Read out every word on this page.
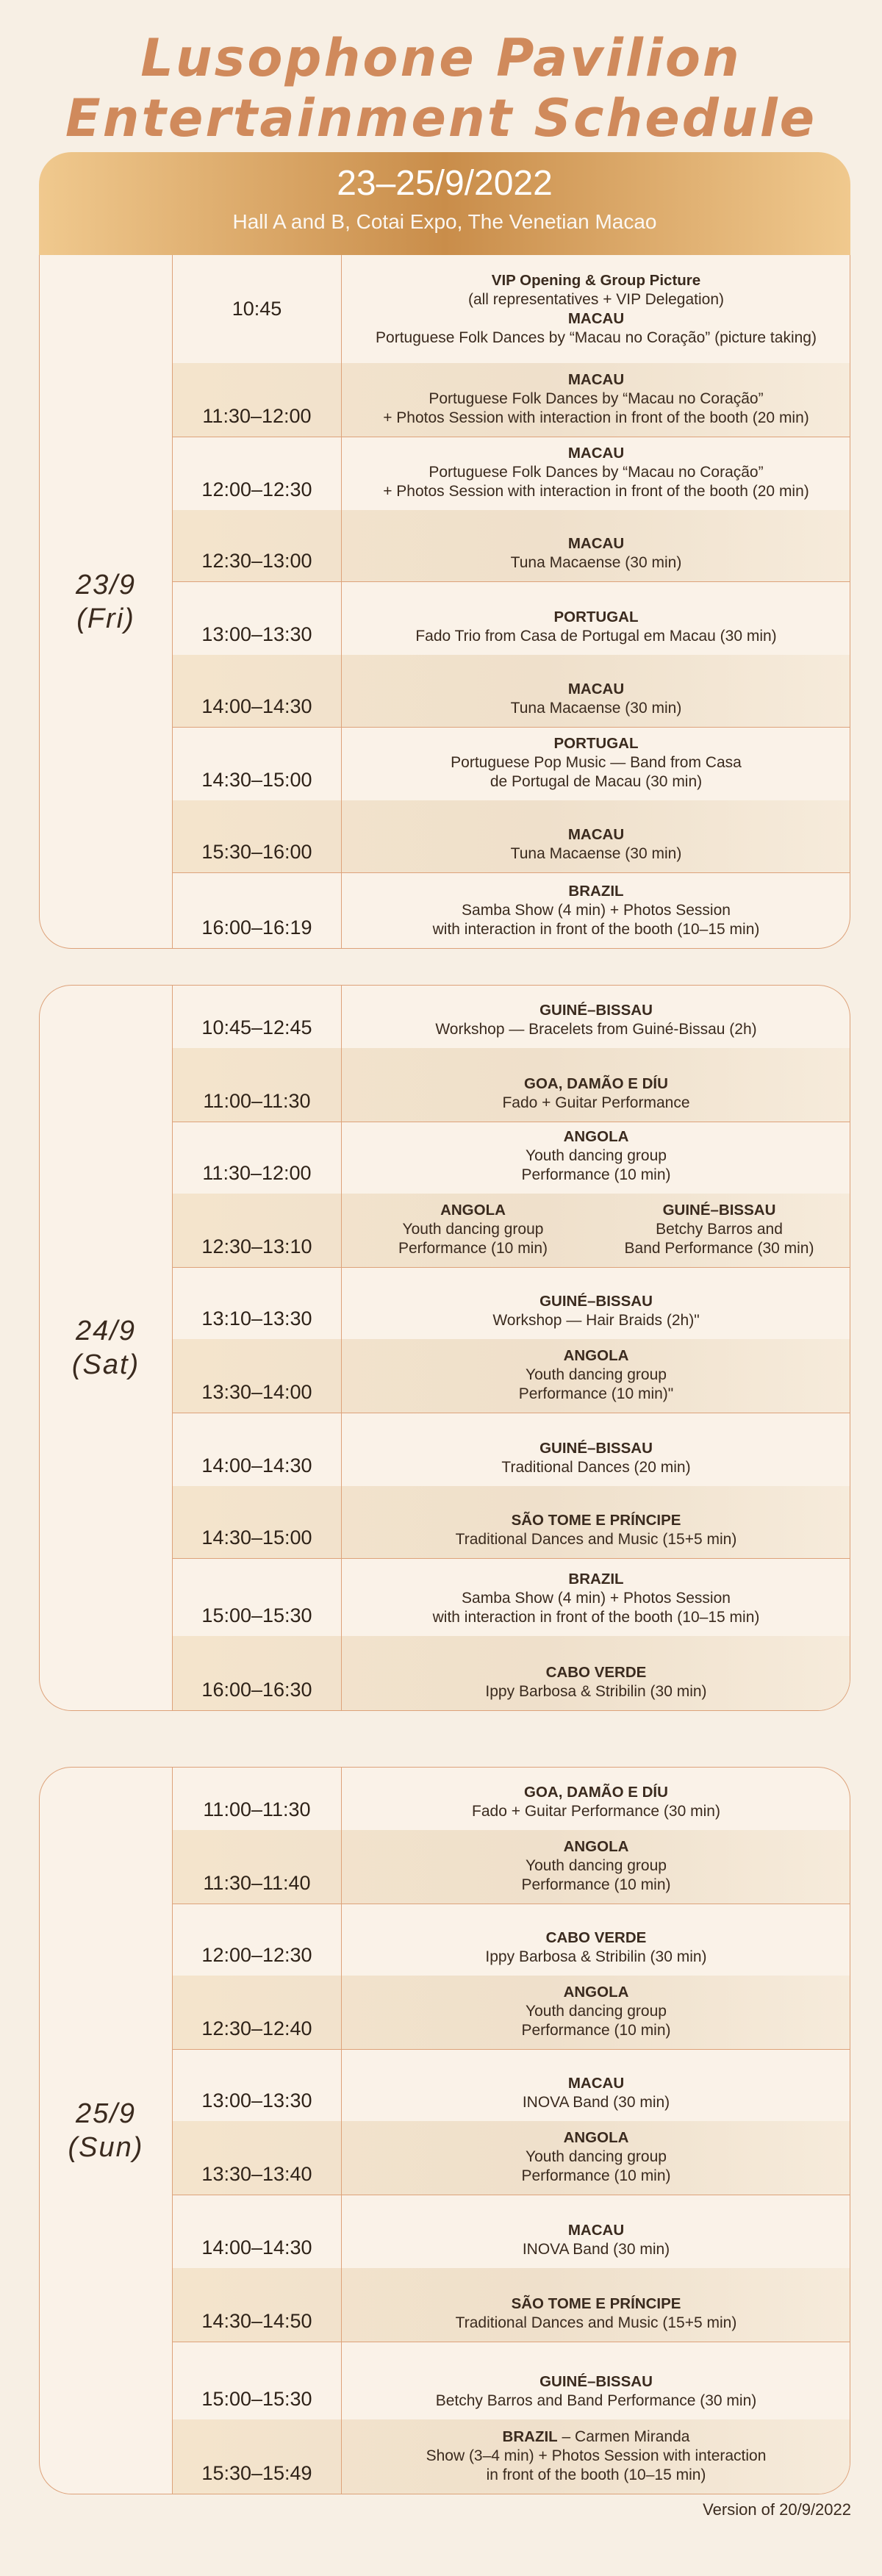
Lusophone Pavilion
Entertainment Schedule
23–25/9/2022
Hall A and B, Cotai Expo, The Venetian Macao
23/9
(Fri)
10:45
VIP Opening & Group Picture
(all representatives + VIP Delegation)
MACAU
Portuguese Folk Dances by “Macau no Coração” (picture taking)
11:30–12:00
MACAU
Portuguese Folk Dances by “Macau no Coração”
+ Photos Session with interaction in front of the booth (20 min)
12:00–12:30
MACAU
Portuguese Folk Dances by “Macau no Coração”
+ Photos Session with interaction in front of the booth (20 min)
12:30–13:00
MACAU
Tuna Macaense (30 min)
13:00–13:30
PORTUGAL
Fado Trio from Casa de Portugal em Macau (30 min)
14:00–14:30
MACAU
Tuna Macaense (30 min)
14:30–15:00
PORTUGAL
Portuguese Pop Music — Band from Casa
de Portugal de Macau (30 min)
15:30–16:00
MACAU
Tuna Macaense (30 min)
16:00–16:19
BRAZIL
Samba Show (4 min) + Photos Session
with interaction in front of the booth (10–15 min)
24/9
(Sat)
10:45–12:45
GUINÉ–BISSAU
Workshop — Bracelets from Guiné-Bissau (2h)
11:00–11:30
GOA, DAMÃO E DÍU
Fado + Guitar Performance
11:30–12:00
ANGOLA
Youth dancing group
Performance (10 min)
12:30–13:10
ANGOLA
Youth dancing group
Performance (10 min)
GUINÉ–BISSAU
Betchy Barros and
Band Performance (30 min)
13:10–13:30
GUINÉ–BISSAU
Workshop — Hair Braids (2h)"
13:30–14:00
ANGOLA
Youth dancing group
Performance (10 min)"
14:00–14:30
GUINÉ–BISSAU
Traditional Dances (20 min)
14:30–15:00
SÃO TOME E PRÍNCIPE
Traditional Dances and Music (15+5 min)
15:00–15:30
BRAZIL
Samba Show (4 min) + Photos Session
with interaction in front of the booth (10–15 min)
16:00–16:30
CABO VERDE
Ippy Barbosa & Stribilin (30 min)
25/9
(Sun)
11:00–11:30
GOA, DAMÃO E DÍU
Fado + Guitar Performance (30 min)
11:30–11:40
ANGOLA
Youth dancing group
Performance (10 min)
12:00–12:30
CABO VERDE
Ippy Barbosa & Stribilin (30 min)
12:30–12:40
ANGOLA
Youth dancing group
Performance (10 min)
13:00–13:30
MACAU
INOVA Band (30 min)
13:30–13:40
ANGOLA
Youth dancing group
Performance (10 min)
14:00–14:30
MACAU
INOVA Band (30 min)
14:30–14:50
SÃO TOME E PRÍNCIPE
Traditional Dances and Music (15+5 min)
15:00–15:30
GUINÉ–BISSAU
Betchy Barros and Band Performance (30 min)
15:30–15:49
BRAZIL – Carmen Miranda

Show (3–4 min) + Photos Session with interaction
in front of the booth (10–15 min)
Version of 20/9/2022
